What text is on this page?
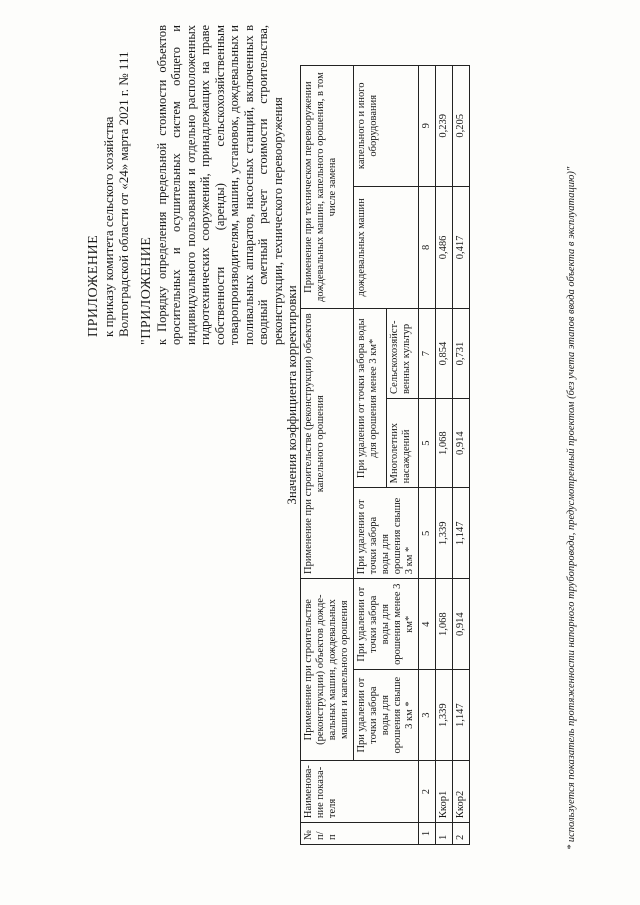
ПРИЛОЖЕНИЕ к приказу комитета сельского хозяйства Волгоградской области от «24» марта 2021 г. № 111 "ПРИЛОЖЕНИЕ к Порядку определения предельной стоимости объектов оросительных и осушительных систем общего и индивидуального пользования и отдельно расположенных гидротехнических сооружений, принадлежащих на праве собственности (аренды) сельскохозяйственным товаропроизводителям, машин, установок, дождевальных и поливальных аппаратов, насосных станций, включенных в сводный сметный расчет стоимости строительства, реконструкции, технического перевооружения
Значения коэффициента корректировки
№ п/п	Наименова-ние показа-теля	Применение при строительстве (реконструкции) объектов дожде-вальных машин, дождевальных машин и капельного орошения		Применение при строительстве (реконструкции) объектов капельного орошения			Применение при техническом перевооружении дождевальных машин, капельного орошения, в том числе замена	
		При удалении от точки забора воды для орошения свыше 3 км *	При удалении от точки забора воды для орошения менее 3 км*	При удалении от точки забора воды для орошения свыше 3 км *	При удалении от точки забора воды для орошения менее 3 км*		дождевальных машин	капельного и иного оборудования
					Многолетних насаждений	Сельскохозяйст-венных культур		
1	2	3	4	5	5	7	8	9
1	Ккор1	1,339	1,068	1,339	1,068	0,854	0,486	0,239
2	Ккор2	1,147	0,914	1,147	0,914	0,731	0,417	0,205
* используется показатель протяженности напорного трубопровода, предусмотренный проектом (без учета этапов ввода объекта в эксплуатацию)"
